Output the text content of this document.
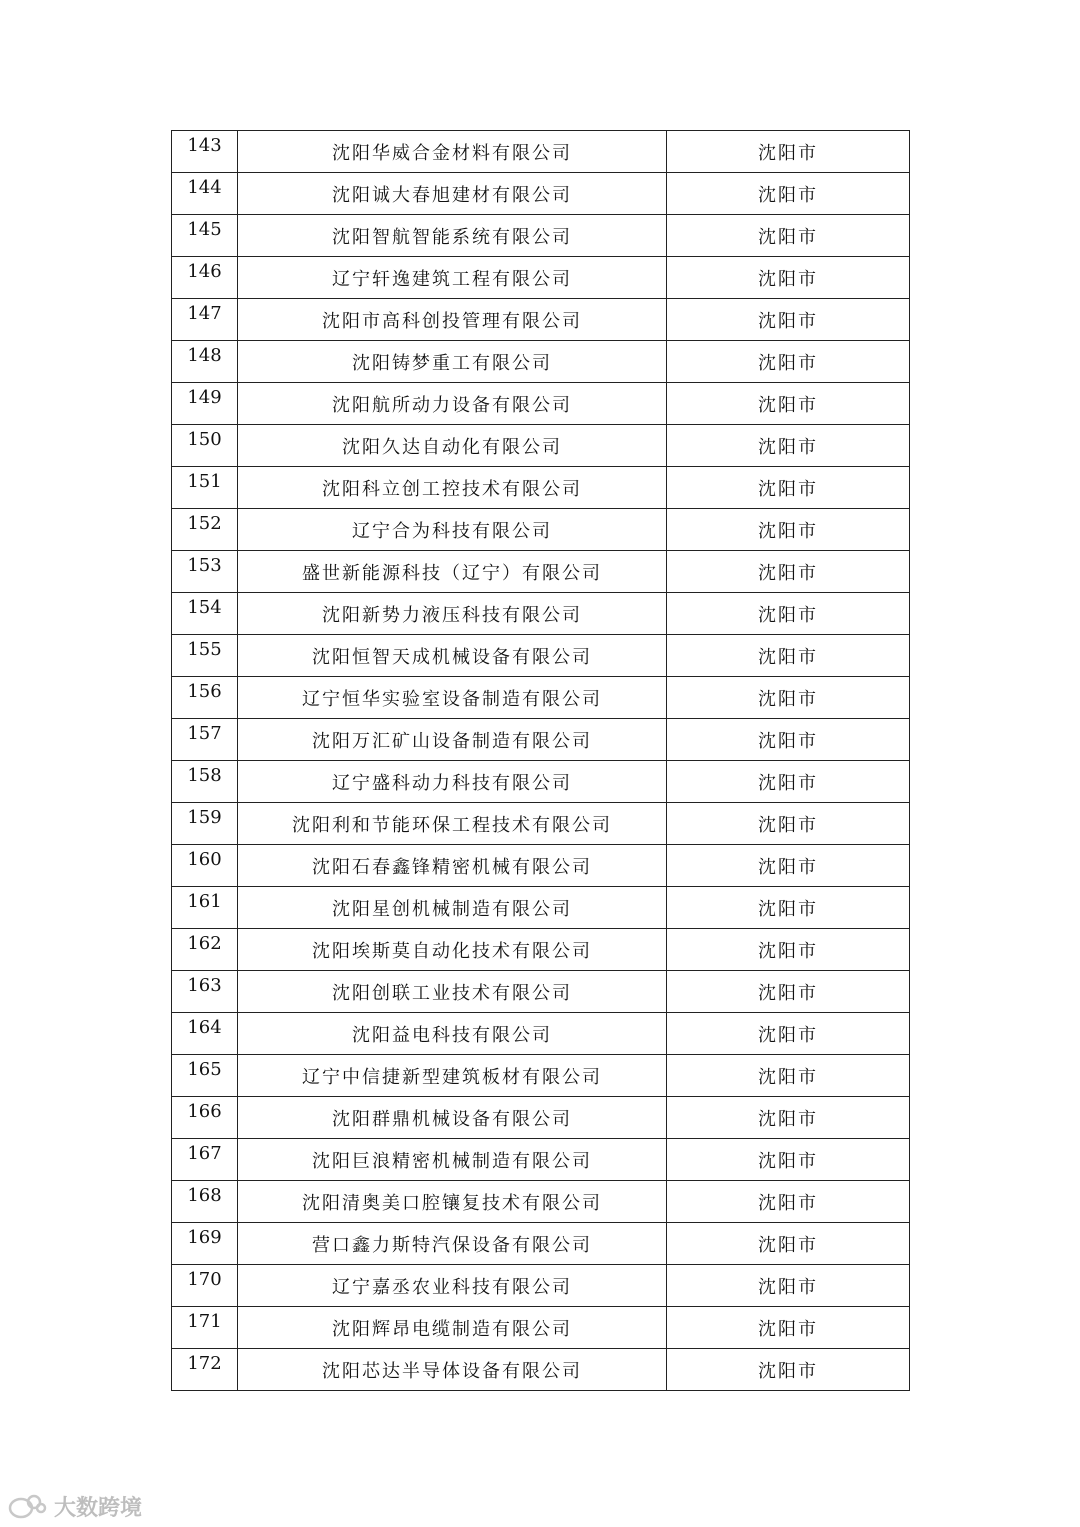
143	沈阳华威合金材料有限公司	沈阳市
144	沈阳诚大春旭建材有限公司	沈阳市
145	沈阳智航智能系统有限公司	沈阳市
146	辽宁轩逸建筑工程有限公司	沈阳市
147	沈阳市高科创投管理有限公司	沈阳市
148	沈阳铸梦重工有限公司	沈阳市
149	沈阳航所动力设备有限公司	沈阳市
150	沈阳久达自动化有限公司	沈阳市
151	沈阳科立创工控技术有限公司	沈阳市
152	辽宁合为科技有限公司	沈阳市
153	盛世新能源科技（辽宁）有限公司	沈阳市
154	沈阳新势力液压科技有限公司	沈阳市
155	沈阳恒智天成机械设备有限公司	沈阳市
156	辽宁恒华实验室设备制造有限公司	沈阳市
157	沈阳万汇矿山设备制造有限公司	沈阳市
158	辽宁盛科动力科技有限公司	沈阳市
159	沈阳利和节能环保工程技术有限公司	沈阳市
160	沈阳石春鑫锋精密机械有限公司	沈阳市
161	沈阳星创机械制造有限公司	沈阳市
162	沈阳埃斯莫自动化技术有限公司	沈阳市
163	沈阳创联工业技术有限公司	沈阳市
164	沈阳益电科技有限公司	沈阳市
165	辽宁中信捷新型建筑板材有限公司	沈阳市
166	沈阳群鼎机械设备有限公司	沈阳市
167	沈阳巨浪精密机械制造有限公司	沈阳市
168	沈阳清奥美口腔镶复技术有限公司	沈阳市
169	营口鑫力斯特汽保设备有限公司	沈阳市
170	辽宁嘉丞农业科技有限公司	沈阳市
171	沈阳辉昂电缆制造有限公司	沈阳市
172	沈阳芯达半导体设备有限公司	沈阳市
大数跨境
